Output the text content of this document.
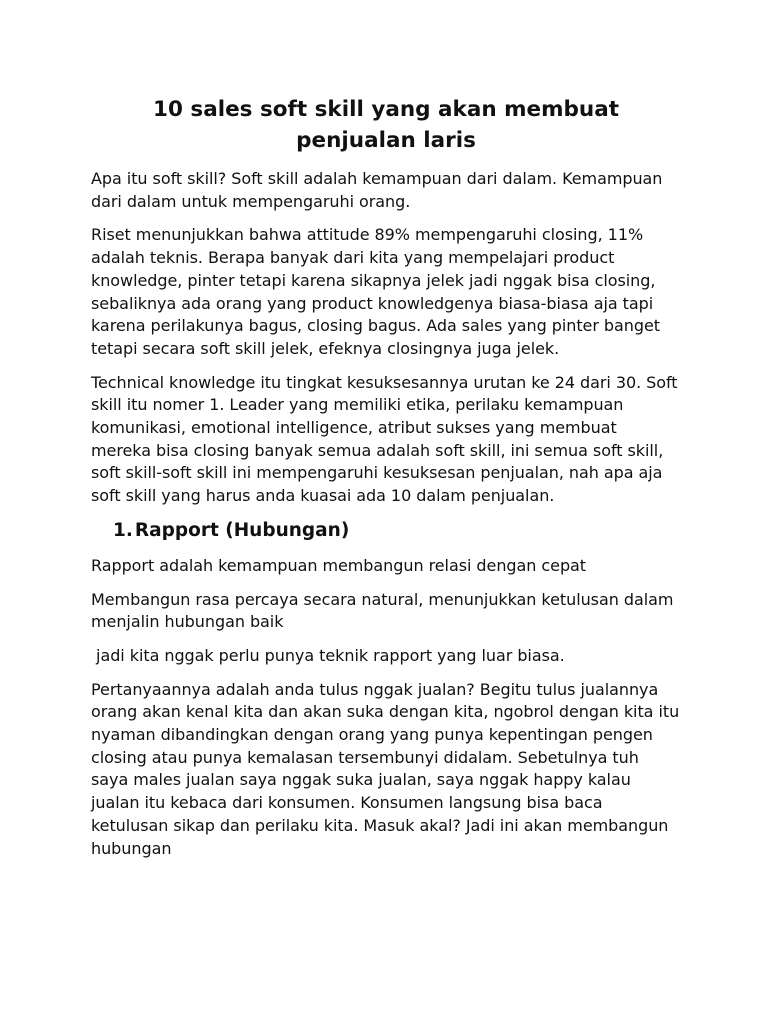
10 sales soft skill yang akan membuat penjualan laris

Apa itu soft skill? Soft skill adalah kemampuan dari dalam. Kemampuan dari dalam untuk mempengaruhi orang.

Riset menunjukkan bahwa attitude 89% mempengaruhi closing, 11% adalah teknis. Berapa banyak dari kita yang mempelajari product knowledge, pinter tetapi karena sikapnya jelek jadi nggak bisa closing, sebaliknya ada orang yang product knowledgenya biasa-biasa aja tapi karena perilakunya bagus, closing bagus. Ada sales yang pinter banget tetapi secara soft skill jelek, efeknya closingnya juga jelek.

Technical knowledge itu tingkat kesuksesannya urutan ke 24 dari 30. Soft skill itu nomer 1. Leader yang memiliki etika, perilaku kemampuan komunikasi, emotional intelligence, atribut sukses yang membuat mereka bisa closing banyak semua adalah soft skill, ini semua soft skill, soft skill-soft skill ini mempengaruhi kesuksesan penjualan, nah apa aja soft skill yang harus anda kuasai ada 10 dalam penjualan.

1. Rapport (Hubungan)

Rapport adalah kemampuan membangun relasi dengan cepat

Membangun rasa percaya secara natural, menunjukkan ketulusan dalam menjalin hubungan baik

jadi kita nggak perlu punya teknik rapport yang luar biasa.

Pertanyaannya adalah anda tulus nggak jualan? Begitu tulus jualannya orang akan kenal kita dan akan suka dengan kita, ngobrol dengan kita itu nyaman dibandingkan dengan orang yang punya kepentingan pengen closing atau punya kemalasan tersembunyi didalam. Sebetulnya tuh saya males jualan saya nggak suka jualan, saya nggak happy kalau jualan itu kebaca dari konsumen. Konsumen langsung bisa baca ketulusan sikap dan perilaku kita. Masuk akal? Jadi ini akan membangun hubungan
